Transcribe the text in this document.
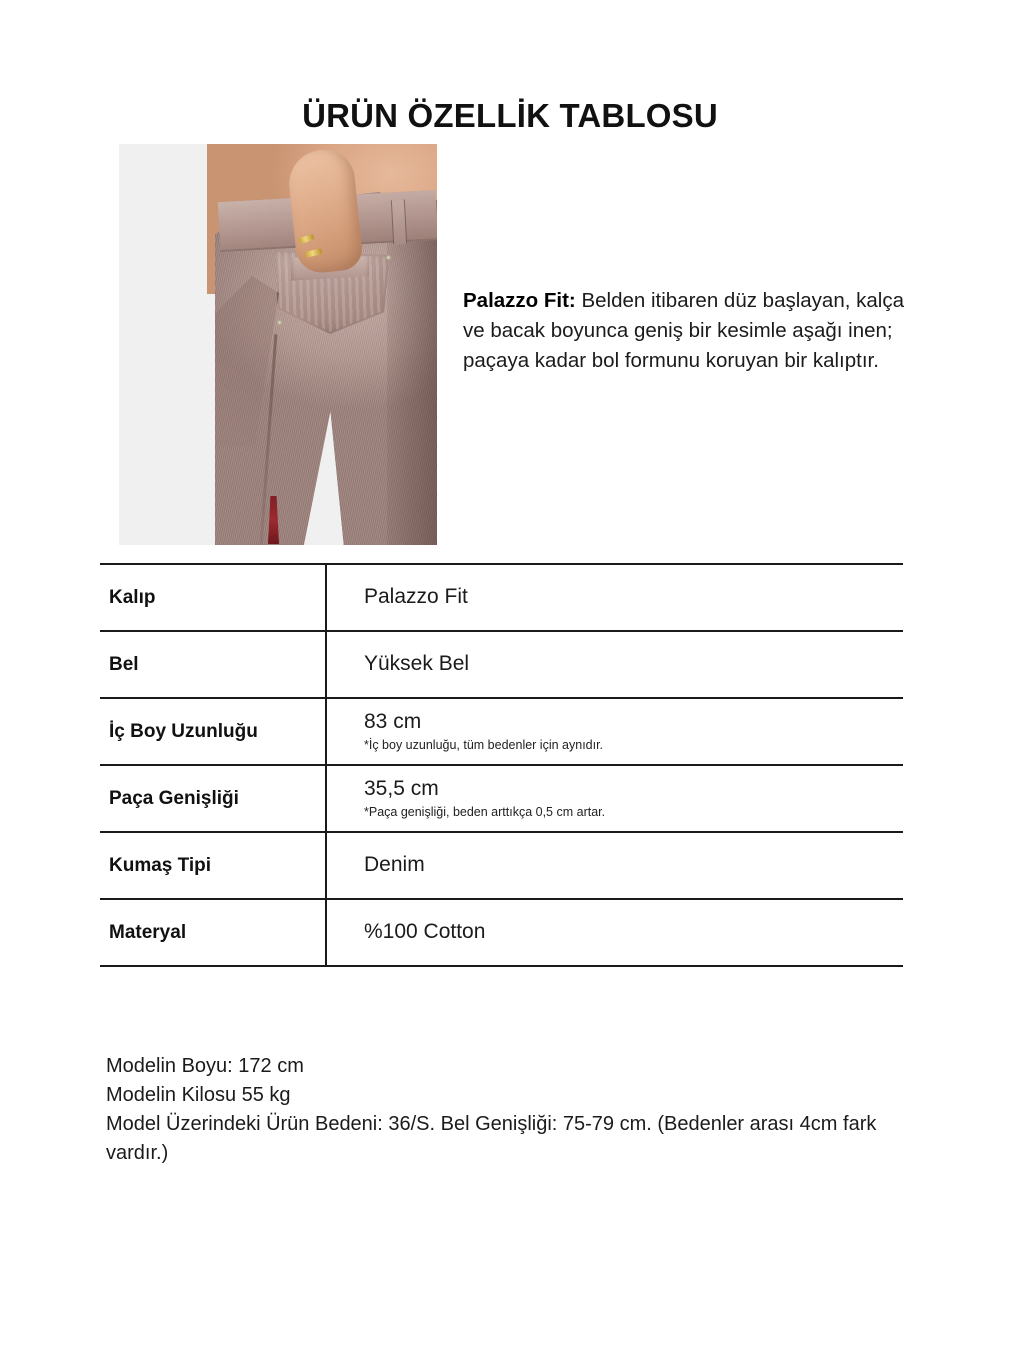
ÜRÜN ÖZELLİK TABLOSU
Palazzo Fit: Belden itibaren düz başlayan, kalça ve bacak boyunca geniş bir kesimle aşağı inen; paçaya kadar bol formunu koruyan bir kalıptır.
Kalıp	Palazzo Fit

Bel	Yüksek Bel

İç Boy Uzunluğu	83 cm
*İç boy uzunluğu, tüm bedenler için aynıdır.

Paça Genişliği	35,5 cm
*Paça genişliği, beden arttıkça 0,5 cm artar.

Kumaş Tipi	Denim

Materyal	%100 Cotton
Modelin Boyu: 172 cm
Modelin Kilosu 55 kg
Model Üzerindeki Ürün Bedeni: 36/S. Bel Genişliği: 75-79 cm. (Bedenler arası 4cm fark vardır.)
